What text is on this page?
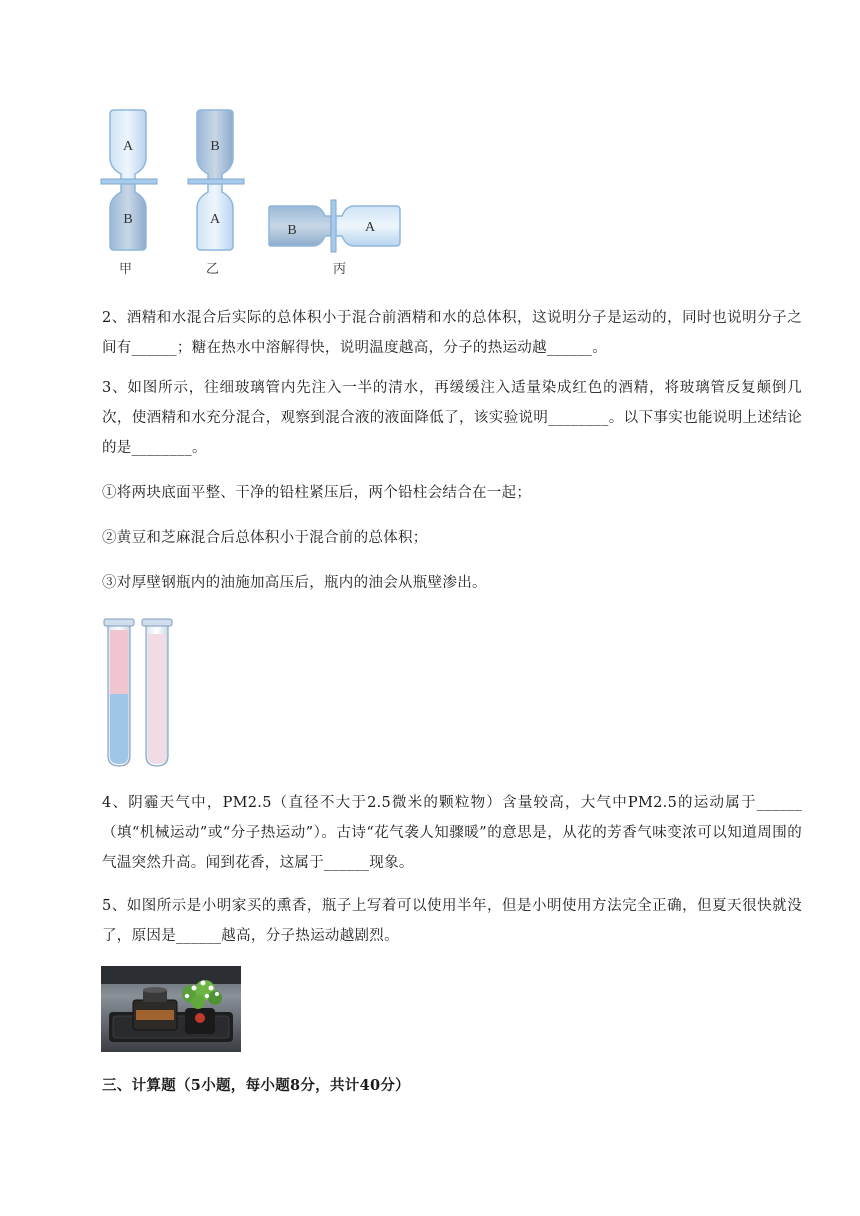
A
B
B
A
B	A
甲	乙	丙
2、酒精和水混合后实际的总体积小于混合前酒精和水的总体积，这说明分子是运动的，同时也说明分子之间有______；糖在热水中溶解得快，说明温度越高，分子的热运动越______。
3、如图所示，往细玻璃管内先注入一半的清水，再缓缓注入适量染成红色的酒精，将玻璃管反复颠倒几次，使酒精和水充分混合，观察到混合液的液面降低了，该实验说明________。以下事实也能说明上述结论的是________。
①将两块底面平整、干净的铅柱紧压后，两个铅柱会结合在一起；
②黄豆和芝麻混合后总体积小于混合前的总体积；
③对厚壁钢瓶内的油施加高压后，瓶内的油会从瓶壁渗出。
4、阴霾天气中，PM2.5（直径不大于2.5微米的颗粒物）含量较高，大气中PM2.5的运动属于______（填“机械运动”或“分子热运动”）。古诗“花气袭人知骤暖”的意思是，从花的芳香气味变浓可以知道周围的气温突然升高。闻到花香，这属于______现象。
5、如图所示是小明家买的熏香，瓶子上写着可以使用半年，但是小明使用方法完全正确，但夏天很快就没了，原因是______越高，分子热运动越剧烈。
三、计算题（5小题，每小题8分，共计40分）
